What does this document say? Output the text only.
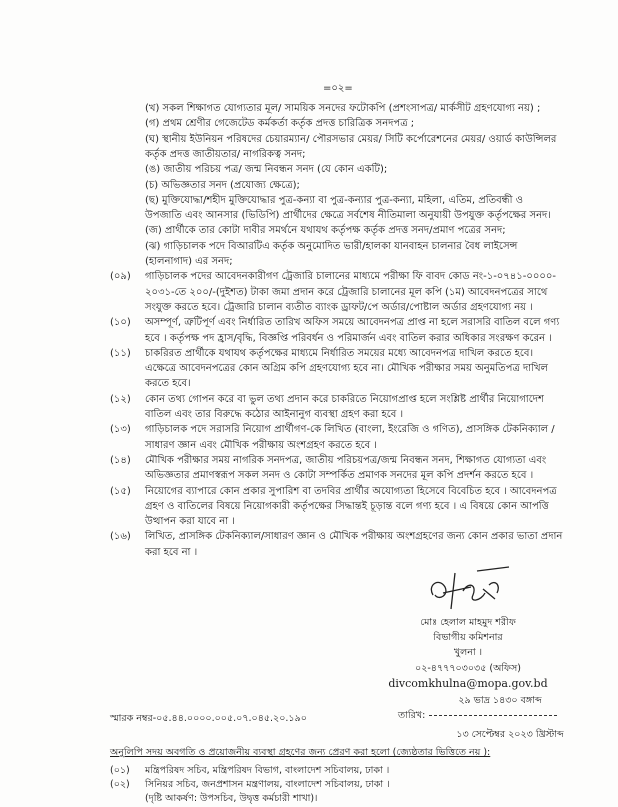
=০২=
(খ) সকল শিক্ষাগত যোগ্যতার মূল/ সাময়িক সনদের ফটোকপি (প্রশংসাপত্র/ মার্কসীট গ্রহণযোগ্য নয়) ;
(গ) প্রথম শ্রেণীর গেজেটেড কর্মকর্তা কর্তৃক প্রদত্ত চারিত্রিক সনদপত্র ;
(ঘ) স্থানীয় ইউনিয়ন পরিষদের চেয়ারম্যান/ পৌরসভার মেয়র/ সিটি কর্পোরেশনের মেয়র/ ওয়ার্ড কাউন্সিলর
কর্তৃক প্রদত্ত জাতীয়তার/ নাগরিকত্ব সনদ;
(ঙ) জাতীয় পরিচয় পত্র/ জন্ম নিবন্ধন সনদ (যে কোন একটি);
(চ) অভিজ্ঞতার সনদ (প্রযোজ্য ক্ষেত্রে);
(ছ) মুক্তিযোদ্ধা/শহীদ মুক্তিযোদ্ধার পুত্র-কন্যা বা পুত্র-কন্যার পুত্র-কন্যা, মহিলা, এতিম, প্রতিবন্ধী ও
উপজাতি এবং আনসার (ভিডিপি) প্রার্থীদের ক্ষেত্রে সর্বশেষ নীতিমালা অনুযায়ী উপযুক্ত কর্তৃপক্ষের সনদ।
(জ) প্রার্থীকে তার কোটা দাবীর সমর্থনে যথাযথ কর্তৃপক্ষ কর্তৃক প্রদত্ত সনদ/প্রমাণ পত্রের সনদ;
(ঝ) গাড়িচালক পদে বিআরটিএ কর্তৃক অনুমোদিত ভারী/হালকা যানবাহন চালনার বৈধ লাইসেন্স
(হালনাগাদ) এর সনদ;
(০৯) গাড়িচালক পদের আবেদনকারীগণ ট্রেজারি চালানের মাধ্যমে পরীক্ষা ফি বাবদ কোড নং-১-০৭৪১-০০০০-
২০৩১-তে ২০০/-(দুইশত) টাকা জমা প্রদান করে ট্রেজারি চালানের মূল কপি (১ম) আবেদনপত্রের সাথে
সংযুক্ত করতে হবে। ট্রেজারি চালান ব্যতীত ব্যাংক ড্রাফট/পে অর্ডার/পোষ্টাল অর্ডার গ্রহণযোগ্য নয় ।
(১০) অসম্পূর্ণ, ত্রুটিপূর্ণ এবং নির্ধারিত তারিখ অফিস সময়ে আবেদনপত্র প্রাপ্ত না হলে সরাসরি বাতিল বলে গণ্য
হবে । কর্তৃপক্ষ পদ হ্রাস/বৃদ্ধি, বিজ্ঞপ্তি পরিবর্ধন ও পরিমার্জন এবং বাতিল করার অধিকার সংরক্ষণ করেন ।
(১১) চাকরিরত প্রার্থীকে যথাযথ কর্তৃপক্ষের মাধ্যমে নির্ধারিত সময়ের মধ্যে আবেদনপত্র দাখিল করতে হবে।
এক্ষেত্রে আবেদনপত্রের কোন অগ্রিম কপি গ্রহণযোগ্য হবে না। মৌখিক পরীক্ষার সময় অনুমতিপত্র দাখিল
করতে হবে।
(১২) কোন তথ্য গোপন করে বা ভুল তথ্য প্রদান করে চাকরিতে নিয়োগপ্রাপ্ত হলে সংশ্লিষ্ট প্রার্থীর নিয়োগাদেশ
বাতিল এবং তার বিরুদ্ধে কঠোর আইনানুগ ব্যবস্থা গ্রহণ করা হবে ।
(১৩) গাড়িচালক পদে সরাসরি নিয়োগ প্রার্থীগণ-কে লিখিত (বাংলা, ইংরেজি ও গণিত), প্রাসঙ্গিক টেকনিক্যাল /
সাধারণ জ্ঞান এবং মৌখিক পরীক্ষায় অংশগ্রহণ করতে হবে ।
(১৪) মৌখিক পরীক্ষার সময় নাগরিক সনদপত্র, জাতীয় পরিচয়পত্র/জন্ম নিবন্ধন সনদ, শিক্ষাগত যোগ্যতা এবং
অভিজ্ঞতার প্রমাণস্বরূপ সকল সনদ ও কোটা সম্পর্কিত প্রমাণক সনদের মূল কপি প্রদর্শন করতে হবে ।
(১৫) নিয়োগের ব্যাপারে কোন প্রকার সুপারিশ বা তদবির প্রার্থীর অযোগ্যতা হিসেবে বিবেচিত হবে । আবেদনপত্র
গ্রহণ ও বাতিলের বিষয়ে নিয়োগকারী কর্তৃপক্ষের সিদ্ধান্তই চূড়ান্ত বলে গণ্য হবে । এ বিষয়ে কোন আপত্তি
উত্থাপন করা যাবে না ।
(১৬) লিখিত, প্রাসঙ্গিক টেকনিক্যাল/সাধারণ জ্ঞান ও মৌখিক পরীক্ষায় অংশগ্রহণের জন্য কোন প্রকার ভাতা প্রদান
করা হবে না ।
মোঃ হেলাল মাহমুদ শরীফ
বিভাগীয় কমিশনার
খুলনা ।
০২-৪৭৭৭০৩০৩৫ (অফিস)
divcomkhulna@mopa.gov.bd
২৯ ভাদ্র ১৪৩০ বঙ্গাব্দ
স্মারক নম্বর-০৫.৪৪.০০০০.০০৫.০৭.০৪৫.২০.১৯০	তারিখ:
১৩ সেপ্টেম্বর ২০২৩ খ্রিস্টাব্দ
অনুলিপি সদয় অবগতি ও প্রয়োজনীয় ব্যবস্থা গ্রহণের জন্য প্রেরণ করা হলো (জ্যেষ্ঠতার ভিত্তিতে নয় ):
(০১) মন্ত্রিপরিষদ সচিব, মন্ত্রিপরিষদ বিভাগ, বাংলাদেশ সচিবালয়, ঢাকা ।
(০২) সিনিয়র সচিব, জনপ্রশাসন মন্ত্রণালয়, বাংলাদেশ সচিবালয়, ঢাকা ।
(দৃষ্টি আকর্ষণ: উপসচিব, উদ্বৃত্ত কর্মচারী শাখা)।
